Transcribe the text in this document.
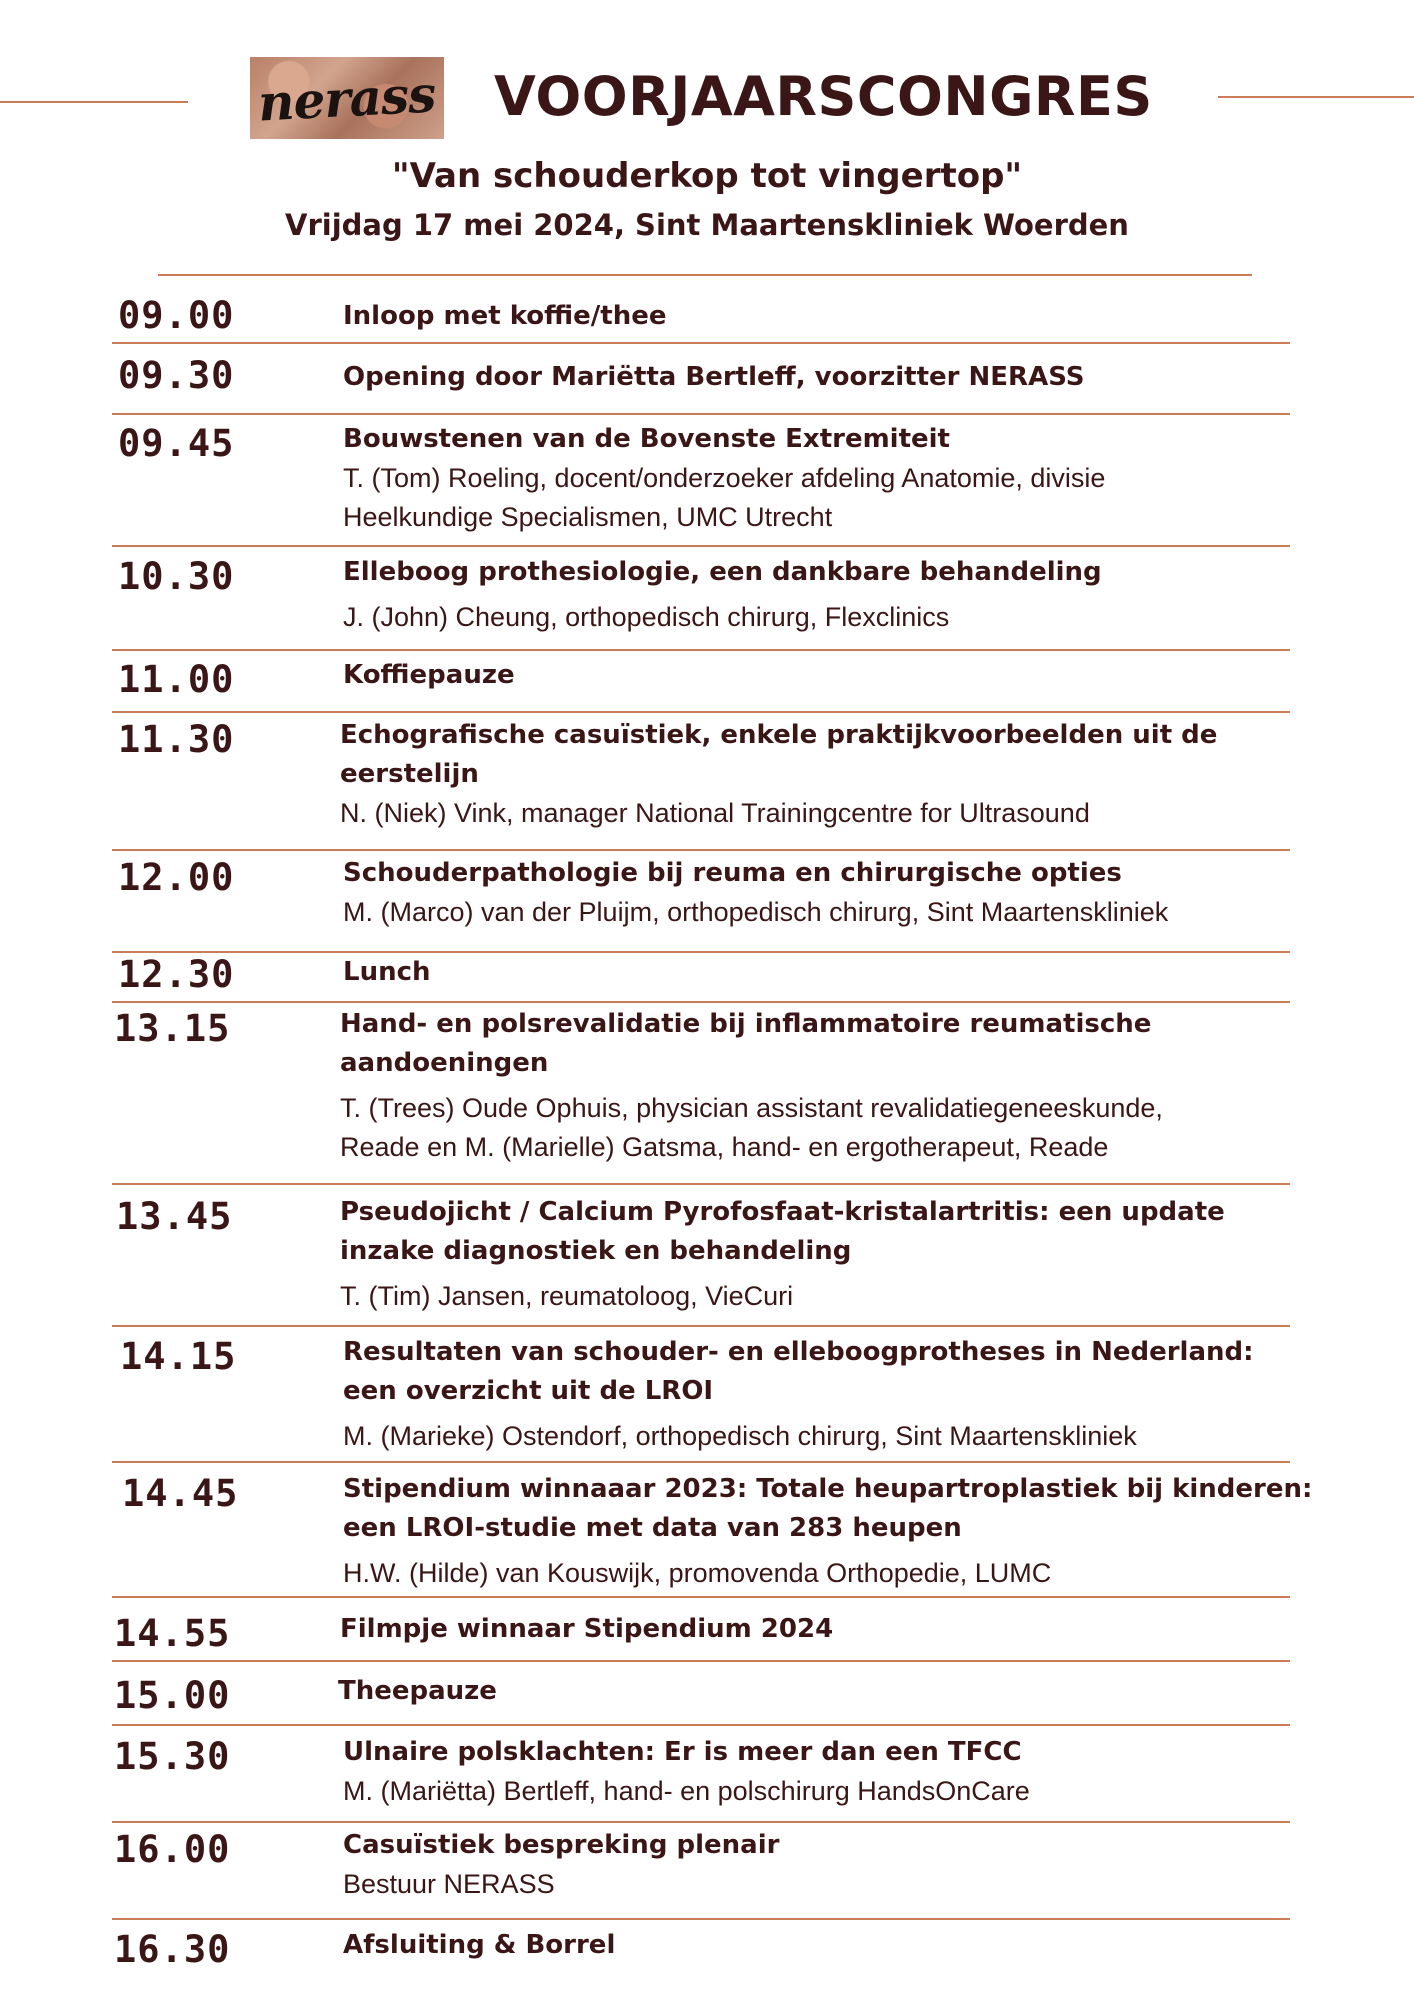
nerass VOORJAARSCONGRES
"Van schouderkop tot vingertop"
Vrijdag 17 mei 2024, Sint Maartenskliniek Woerden
09.00	Inloop met koffie/thee
09.30	Opening door Mariëtta Bertleff, voorzitter NERASS
09.45	Bouwstenen van de Bovenste Extremiteit
T. (Tom) Roeling, docent/onderzoeker afdeling Anatomie, divisie
Heelkundige Specialismen, UMC Utrecht
10.30	Elleboog prothesiologie, een dankbare behandeling
J. (John) Cheung, orthopedisch chirurg, Flexclinics
11.00	Koffiepauze
11.30	Echografische casuïstiek, enkele praktijkvoorbeelden uit de
eerstelijn
N. (Niek) Vink, manager National Trainingcentre for Ultrasound
12.00	Schouderpathologie bij reuma en chirurgische opties
M. (Marco) van der Pluijm, orthopedisch chirurg, Sint Maartenskliniek
12.30	Lunch
13.15	Hand- en polsrevalidatie bij inflammatoire reumatische
aandoeningen
T. (Trees) Oude Ophuis, physician assistant revalidatiegeneeskunde,
Reade en M. (Marielle) Gatsma, hand- en ergotherapeut, Reade
13.45	Pseudojicht / Calcium Pyrofosfaat-kristalartritis: een update
inzake diagnostiek en behandeling
T. (Tim) Jansen, reumatoloog, VieCuri
14.15	Resultaten van schouder- en elleboogprotheses in Nederland:
een overzicht uit de LROI
M. (Marieke) Ostendorf, orthopedisch chirurg, Sint Maartenskliniek
14.45	Stipendium winnaaar 2023: Totale heupartroplastiek bij kinderen:
een LROI-studie met data van 283 heupen
H.W. (Hilde) van Kouswijk, promovenda Orthopedie, LUMC
14.55	Filmpje winnaar Stipendium 2024
15.00	Theepauze
15.30	Ulnaire polsklachten: Er is meer dan een TFCC
M. (Mariëtta) Bertleff, hand- en polschirurg HandsOnCare
16.00	Casuïstiek bespreking plenair
Bestuur NERASS
16.30	Afsluiting & Borrel
